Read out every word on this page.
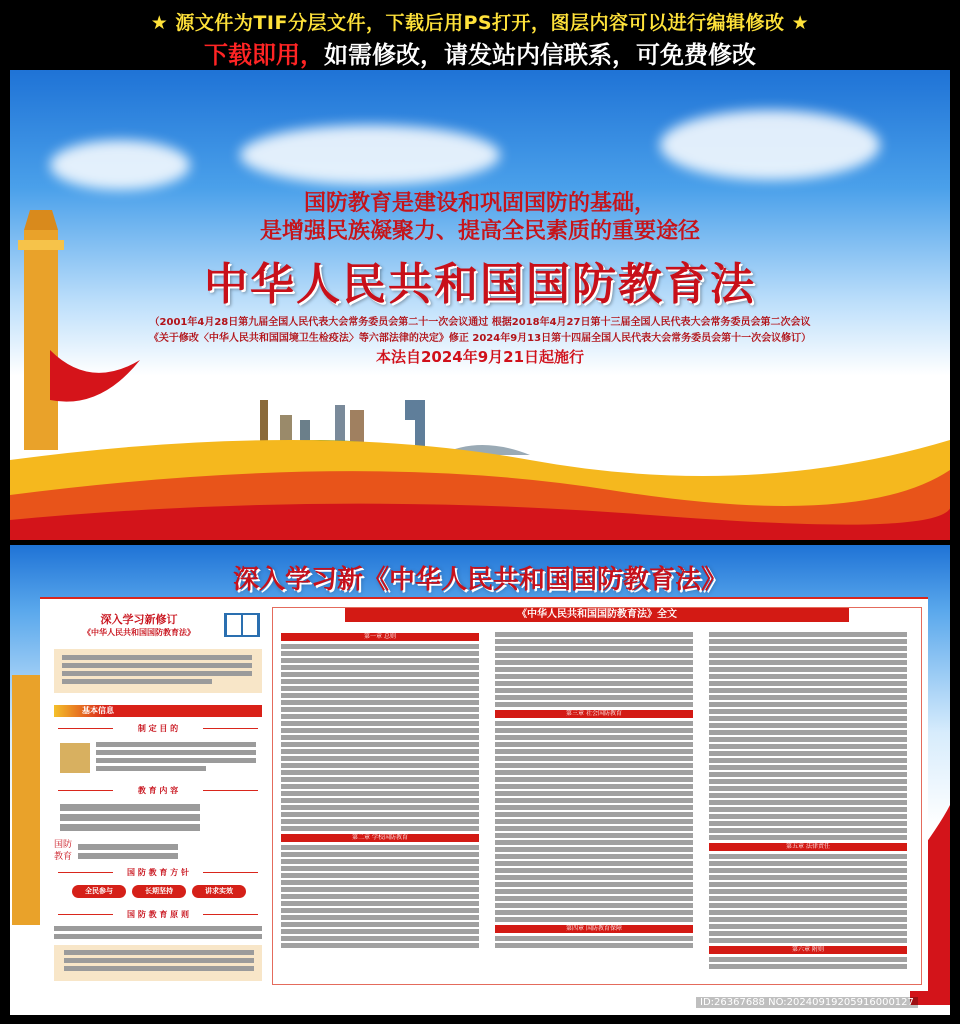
★ 源文件为TIF分层文件，下载后用PS打开，图层内容可以进行编辑修改 ★
下载即用，如需修改，请发站内信联系，可免费修改
国防教育是建设和巩固国防的基础，
是增强民族凝聚力、提高全民素质的重要途径
中华人民共和国国防教育法
（2001年4月28日第九届全国人民代表大会常务委员会第二十一次会议通过 根据2018年4月27日第十三届全国人民代表大会常务委员会第二次会议
《关于修改〈中华人民共和国国境卫生检疫法〉等六部法律的决定》修正 2024年9月13日第十四届全国人民代表大会常务委员会第十一次会议修订）
本法自2024年9月21日起施行
深入学习新《中华人民共和国国防教育法》
深入学习新修订
《中华人民共和国国防教育法》
基本信息
制 定 目 的
教 育 内 容
国防
教育
国 防 教 育 方 针
全民参与	长期坚持	讲求实效
国 防 教 育 原 则
《中华人民共和国国防教育法》全文
第一章 总则
第二章 学校国防教育
第三章 社会国防教育
第四章 国防教育保障
第五章 法律责任
第六章 附则
昵图网 www.nipic.com	ID:26367688 NO:20240919205916000127
